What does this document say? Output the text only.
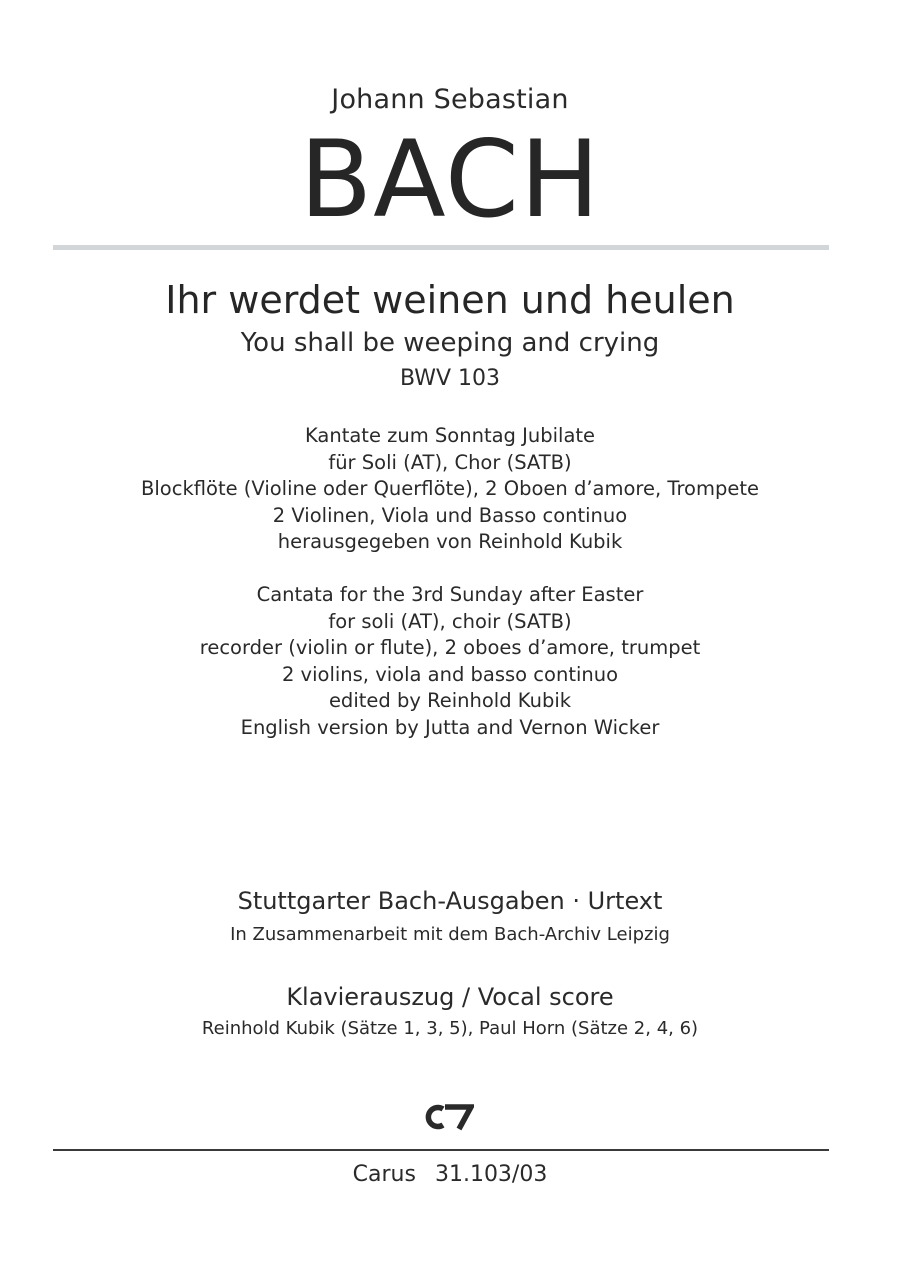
Johann Sebastian
BACH
Ihr werdet weinen und heulen
You shall be weeping and crying
BWV 103
Kantate zum Sonntag Jubilate
für Soli (AT), Chor (SATB)
Blockflöte (Violine oder Querflöte), 2 Oboen d’amore, Trompete
2 Violinen, Viola und Basso continuo
herausgegeben von Reinhold Kubik
Cantata for the 3rd Sunday after Easter
for soli (AT), choir (SATB)
recorder (violin or flute), 2 oboes d’amore, trumpet
2 violins, viola and basso continuo
edited by Reinhold Kubik
English version by Jutta and Vernon Wicker
Stuttgarter Bach-Ausgaben · Urtext
In Zusammenarbeit mit dem Bach-Archiv Leipzig
Klavierauszug / Vocal score
Reinhold Kubik (Sätze 1, 3, 5), Paul Horn (Sätze 2, 4, 6)
Carus 31.103/03
